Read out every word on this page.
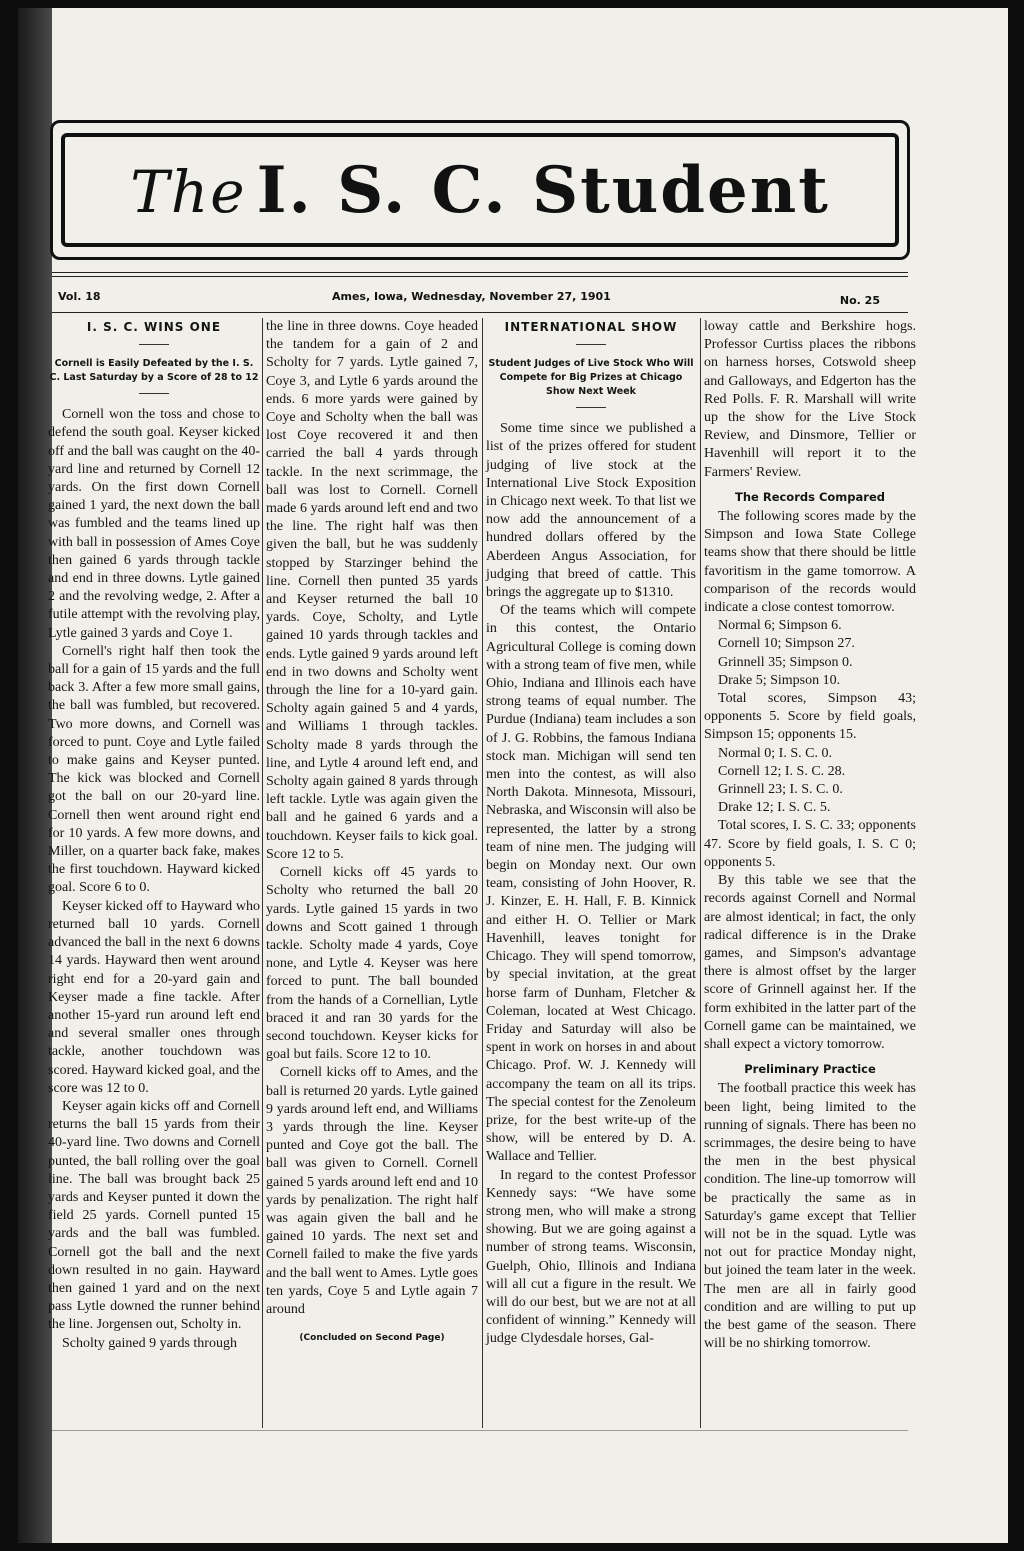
The I. S. C. Student
Vol. 18	Ames, Iowa, Wednesday, November 27, 1901	No. 25
I. S. C. WINS ONE
Cornell is Easily Defeated by the I. S. C. Last Saturday by a Score of 28 to 12

Cornell won the toss and chose to defend the south goal. Keyser kicked off and the ball was caught on the 40-yard line and returned by Cornell 12 yards. On the first down Cornell gained 1 yard, the next down the ball was fumbled and the teams lined up with ball in possession of Ames Coye then gained 6 yards through tackle and end in three downs. Lytle gained 2 and the revolving wedge, 2. After a futile attempt with the revolving play, Lytle gained 3 yards and Coye 1.

Cornell's right half then took the ball for a gain of 15 yards and the full back 3. After a few more small gains, the ball was fumbled, but recovered. Two more downs, and Cornell was forced to punt. Coye and Lytle failed to make gains and Keyser punted. The kick was blocked and Cornell got the ball on our 20-yard line. Cornell then went around right end for 10 yards. A few more downs, and Miller, on a quarter back fake, makes the first touchdown. Hayward kicked goal. Score 6 to 0.

Keyser kicked off to Hayward who returned ball 10 yards. Cornell advanced the ball in the next 6 downs 14 yards. Hayward then went around right end for a 20-yard gain and Keyser made a fine tackle. After another 15-yard run around left end and several smaller ones through tackle, another touchdown was scored. Hayward kicked goal, and the score was 12 to 0.

Keyser again kicks off and Cornell returns the ball 15 yards from their 40-yard line. Two downs and Cornell punted, the ball rolling over the goal line. The ball was brought back 25 yards and Keyser punted it down the field 25 yards. Cornell punted 15 yards and the ball was fumbled. Cornell got the ball and the next down resulted in no gain. Hayward then gained 1 yard and on the next pass Lytle downed the runner behind the line. Jorgensen out, Scholty in.

Scholty gained 9 yards through

the line in three downs. Coye headed the tandem for a gain of 2 and Scholty for 7 yards. Lytle gained 7, Coye 3, and Lytle 6 yards around the ends. 6 more yards were gained by Coye and Scholty when the ball was lost Coye recovered it and then carried the ball 4 yards through tackle. In the next scrimmage, the ball was lost to Cornell. Cornell made 6 yards around left end and two the line. The right half was then given the ball, but he was suddenly stopped by Starzinger behind the line. Cornell then punted 35 yards and Keyser returned the ball 10 yards. Coye, Scholty, and Lytle gained 10 yards through tackles and ends. Lytle gained 9 yards around left end in two downs and Scholty went through the line for a 10-yard gain. Scholty again gained 5 and 4 yards, and Williams 1 through tackles. Scholty made 8 yards through the line, and Lytle 4 around left end, and Scholty again gained 8 yards through left tackle. Lytle was again given the ball and he gained 6 yards and a touchdown. Keyser fails to kick goal. Score 12 to 5.

Cornell kicks off 45 yards to Scholty who returned the ball 20 yards. Lytle gained 15 yards in two downs and Scott gained 1 through tackle. Scholty made 4 yards, Coye none, and Lytle 4. Keyser was here forced to punt. The ball bounded from the hands of a Cornellian, Lytle braced it and ran 30 yards for the second touchdown. Keyser kicks for goal but fails. Score 12 to 10.

Cornell kicks off to Ames, and the ball is returned 20 yards. Lytle gained 9 yards around left end, and Williams 3 yards through the line. Keyser punted and Coye got the ball. The ball was given to Cornell. Cornell gained 5 yards around left end and 10 yards by penalization. The right half was again given the ball and he gained 10 yards. The next set and Cornell failed to make the five yards and the ball went to Ames. Lytle goes ten yards, Coye 5 and Lytle again 7 around

(Concluded on Second Page)
INTERNATIONAL SHOW
Student Judges of Live Stock Who Will Compete for Big Prizes at Chicago Show Next Week

Some time since we published a list of the prizes offered for student judging of live stock at the International Live Stock Exposition in Chicago next week. To that list we now add the announcement of a hundred dollars offered by the Aberdeen Angus Association, for judging that breed of cattle. This brings the aggregate up to $1310.

Of the teams which will compete in this contest, the Ontario Agricultural College is coming down with a strong team of five men, while Ohio, Indiana and Illinois each have strong teams of equal number. The Purdue (Indiana) team includes a son of J. G. Robbins, the famous Indiana stock man. Michigan will send ten men into the contest, as will also North Dakota. Minnesota, Missouri, Nebraska, and Wisconsin will also be represented, the latter by a strong team of nine men. The judging will begin on Monday next. Our own team, consisting of John Hoover, R. J. Kinzer, E. H. Hall, F. B. Kinnick and either H. O. Tellier or Mark Havenhill, leaves tonight for Chicago. They will spend tomorrow, by special invitation, at the great horse farm of Dunham, Fletcher & Coleman, located at West Chicago. Friday and Saturday will also be spent in work on horses in and about Chicago. Prof. W. J. Kennedy will accompany the team on all its trips. The special contest for the Zenoleum prize, for the best write-up of the show, will be entered by D. A. Wallace and Tellier.

In regard to the contest Professor Kennedy says: “We have some strong men, who will make a strong showing. But we are going against a number of strong teams. Wisconsin, Guelph, Ohio, Illinois and Indiana will all cut a figure in the result. We will do our best, but we are not at all confident of winning.” Kennedy will judge Clydesdale horses, Gal-

loway cattle and Berkshire hogs. Professor Curtiss places the ribbons on harness horses, Cotswold sheep and Galloways, and Edgerton has the Red Polls. F. R. Marshall will write up the show for the Live Stock Review, and Dinsmore, Tellier or Havenhill will report it to the Farmers' Review.

The Records Compared

The following scores made by the Simpson and Iowa State College teams show that there should be little favoritism in the game tomorrow. A comparison of the records would indicate a close contest tomorrow.

Normal 6; Simpson 6.

Cornell 10; Simpson 27.

Grinnell 35; Simpson 0.

Drake 5; Simpson 10.

Total scores, Simpson 43; opponents 5. Score by field goals, Simpson 15; opponents 15.

Normal 0; I. S. C. 0.

Cornell 12; I. S. C. 28.

Grinnell 23; I. S. C. 0.

Drake 12; I. S. C. 5.

Total scores, I. S. C. 33; opponents 47. Score by field goals, I. S. C 0; opponents 5.

By this table we see that the records against Cornell and Normal are almost identical; in fact, the only radical difference is in the Drake games, and Simpson's advantage there is almost offset by the larger score of Grinnell against her. If the form exhibited in the latter part of the Cornell game can be maintained, we shall expect a victory tomorrow.

Preliminary Practice

The football practice this week has been light, being limited to the running of signals. There has been no scrimmages, the desire being to have the men in the best physical condition. The line-up tomorrow will be practically the same as in Saturday's game except that Tellier will not be in the squad. Lytle was not out for practice Monday night, but joined the team later in the week. The men are all in fairly good condition and are willing to put up the best game of the season. There will be no shirking tomorrow.
